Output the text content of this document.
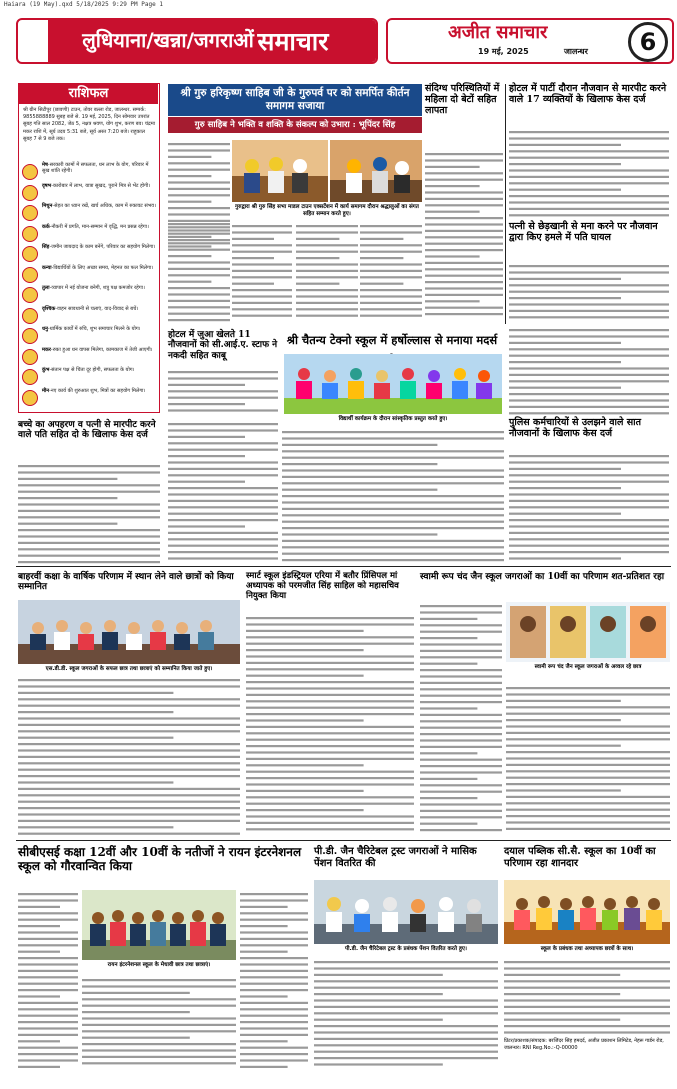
Haiara (19 May).qxd 5/18/2025 9:29 PM Page 1
लुधियाना/खन्ना/जगराओं समाचार	अजीत समाचार
19 मई, 2025	जालन्धर	6
राशिफल
श्री ग्रीन सिटीपुर (छावणी) टाउन, तोवर बल्ला रोड, जालन्धर. सम्पर्क: 9855888889 सुबह बजे से. 19 मई, 2025, दिन सोमवार उपरांत सुबह गति साल 2082, जेठ 5, नक्षत्र श्रवण, योग शुभ, करण बव। चंद्रमा मकर राशि में, सूर्य उदय 5:31 बजे, सूर्य अस्त 7:20 बजे। राहुकाल सुबह 7 से 9 बजे तक।
मेष-सरकारी कामों में सफलता, धन लाभ के योग, परिवार में सुख शांति रहेगी।
वृषभ-कारोबार में लाभ, यात्रा सुखद, पुराने मित्र से भेंट होगी।
मिथुन-सेहत का ध्यान रखें, खर्च अधिक, काम में रुकावट संभव।
कर्क-नौकरी में प्रगति, मान-सम्मान में वृद्धि, मन प्रसन्न रहेगा।
सिंह-जमीन जायदाद के काम बनेंगे, परिवार का सहयोग मिलेगा।
कन्या-विद्यार्थियों के लिए अच्छा समय, मेहनत का फल मिलेगा।
तुला-व्यापार में नई योजना बनेगी, शत्रु पक्ष कमजोर रहेगा।
वृश्चिक-वाहन सावधानी से चलाएं, वाद-विवाद से बचें।
धनु-धार्मिक कार्यों में रुचि, शुभ समाचार मिलने के योग।
मकर-रुका हुआ धन वापस मिलेगा, कामकाज में तेजी आएगी।
कुंभ-संतान पक्ष से चिंता दूर होगी, सफलता के योग।
मीन-नए कार्य की शुरुआत शुभ, मित्रों का सहयोग मिलेगा।
श्री गुरु हरिकृष्ण साहिब जी के गुरुपर्व पर को समर्पित कीर्तन समागम सजाया
गुरु साहिब ने भक्ति व शक्ति के संकल्प को उभारा : भूपिंदर सिंह
गुरुद्वारा श्री गुरु सिंह सभा माडल टाउन एक्सटेंशन में कार्य समागम दौरान श्रद्धालुओं का संगत सहित सम्मान करते हुए।
संदिग्ध परिस्थितियों में महिला दो बेटों सहित लापता
होटल में पार्टी दौरान नौजवान से मारपीट करने वाले 17 व्यक्तियों के खिलाफ केस दर्ज
पत्नी से छेड़खानी से मना करने पर नौजवान द्वारा किए हमले में पति घायल
होटल में जुआ खेलते 11 नौजवानों को सी.आई.ए. स्टाफ ने नकदी सहित काबू
श्री चैतन्य टेक्नो स्कूल में हर्षोल्लास से मनाया मदर्स
विद्यार्थी कार्यक्रम के दौरान सांस्कृतिक प्रस्तुत करते हुए।	पुलिस कर्मचारियों से उलझने वाले सात नौजवानों के खिलाफ केस दर्ज
बच्चे का अपहरण व पत्नी से मारपीट करने वाले पति सहित दो के खिलाफ केस दर्ज
बाहरवीं कक्षा के वार्षिक परिणाम में स्थान लेने वाले छात्रों को किया सम्मानित
एस.डी.डी. स्कूल जगराओं के सफल छात्र तथा छात्राएं को सम्मानित किया जाते हुए।
स्मार्ट स्कूल इंडस्ट्रियल एरिया में बतौर प्रिंसिपल मां अध्यापक को परमजीत सिंह साहिल को महासचिव नियुक्त किया
स्वामी रूप चंद जैन स्कूल जगराओं का 10वीं का परिणाम शत-प्रतिशत रहा
स्वामी रूप चंद जैन स्कूल जगराओं के अव्वल रहे छात्र
सीबीएसई कक्षा 12वीं और 10वीं के नतीजों ने रायन इंटरनेशनल स्कूल को गौरवान्वित किया
रायन इंटरनेशनल स्कूल के मेधावी छात्र तथा छात्राएं।
पी.डी. जैन चैरिटेबल ट्रस्ट जगराओं ने मासिक पेंशन वितरित की
पी.डी. जैन चैरिटेबल ट्रस्ट के प्रबंधक पेंशन वितरित करते हुए।
दयाल पब्लिक सी.सै. स्कूल का 10वीं का परिणाम रहा शानदार
स्कूल के प्रबंधक तथा अध्यापक छात्रों के साथ।
प्रिंटर/प्रकाशक/संपादक: बरजिंदर सिंह हमदर्द, अजीत प्रकाशन लिमिटेड, नेहरू गार्डन रोड, जालन्धर। RNI Reg.No.:-Q-00000
